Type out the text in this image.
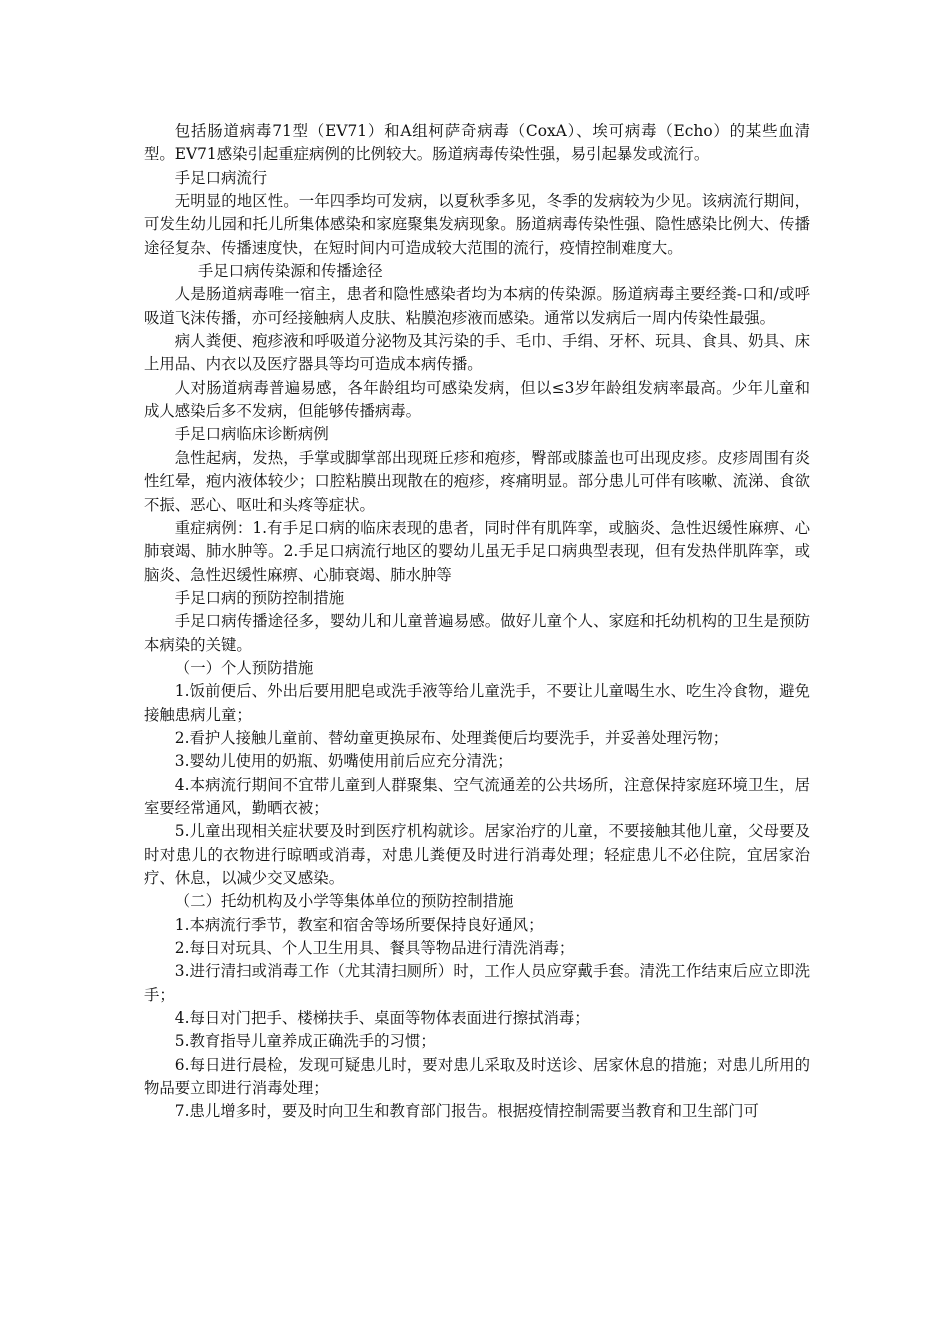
包括肠道病毒71型（EV71）和A组柯萨奇病毒（CoxA）、埃可病毒（Echo）的某些血清型。EV71感染引起重症病例的比例较大。肠道病毒传染性强，易引起暴发或流行。

手足口病流行

无明显的地区性。一年四季均可发病，以夏秋季多见，冬季的发病较为少见。该病流行期间，可发生幼儿园和托儿所集体感染和家庭聚集发病现象。肠道病毒传染性强、隐性感染比例大、传播途径复杂、传播速度快，在短时间内可造成较大范围的流行，疫情控制难度大。

手足口病传染源和传播途径

人是肠道病毒唯一宿主，患者和隐性感染者均为本病的传染源。肠道病毒主要经粪-口和/或呼吸道飞沫传播，亦可经接触病人皮肤、粘膜泡疹液而感染。通常以发病后一周内传染性最强。

病人粪便、疱疹液和呼吸道分泌物及其污染的手、毛巾、手绢、牙杯、玩具、食具、奶具、床上用品、内衣以及医疗器具等均可造成本病传播。

人对肠道病毒普遍易感，各年龄组均可感染发病，但以≤3岁年龄组发病率最高。少年儿童和成人感染后多不发病，但能够传播病毒。

手足口病临床诊断病例

急性起病，发热，手掌或脚掌部出现斑丘疹和疱疹，臀部或膝盖也可出现皮疹。皮疹周围有炎性红晕，疱内液体较少；口腔粘膜出现散在的疱疹，疼痛明显。部分患儿可伴有咳嗽、流涕、食欲不振、恶心、呕吐和头疼等症状。

重症病例：1.有手足口病的临床表现的患者，同时伴有肌阵挛，或脑炎、急性迟缓性麻痹、心肺衰竭、肺水肿等。2.手足口病流行地区的婴幼儿虽无手足口病典型表现，但有发热伴肌阵挛，或脑炎、急性迟缓性麻痹、心肺衰竭、肺水肿等

手足口病的预防控制措施

手足口病传播途径多，婴幼儿和儿童普遍易感。做好儿童个人、家庭和托幼机构的卫生是预防本病染的关键。

（一）个人预防措施

1.饭前便后、外出后要用肥皂或洗手液等给儿童洗手，不要让儿童喝生水、吃生冷食物，避免接触患病儿童；

2.看护人接触儿童前、替幼童更换尿布、处理粪便后均要洗手，并妥善处理污物；

3.婴幼儿使用的奶瓶、奶嘴使用前后应充分清洗；

4.本病流行期间不宜带儿童到人群聚集、空气流通差的公共场所，注意保持家庭环境卫生，居室要经常通风，勤晒衣被；

5.儿童出现相关症状要及时到医疗机构就诊。居家治疗的儿童，不要接触其他儿童，父母要及时对患儿的衣物进行晾晒或消毒，对患儿粪便及时进行消毒处理；轻症患儿不必住院，宜居家治疗、休息，以减少交叉感染。

（二）托幼机构及小学等集体单位的预防控制措施

1.本病流行季节，教室和宿舍等场所要保持良好通风；

2.每日对玩具、个人卫生用具、餐具等物品进行清洗消毒；

3.进行清扫或消毒工作（尤其清扫厕所）时，工作人员应穿戴手套。清洗工作结束后应立即洗手；

4.每日对门把手、楼梯扶手、桌面等物体表面进行擦拭消毒；

5.教育指导儿童养成正确洗手的习惯；

6.每日进行晨检，发现可疑患儿时，要对患儿采取及时送诊、居家休息的措施；对患儿所用的物品要立即进行消毒处理；

7.患儿增多时，要及时向卫生和教育部门报告。根据疫情控制需要当教育和卫生部门可
